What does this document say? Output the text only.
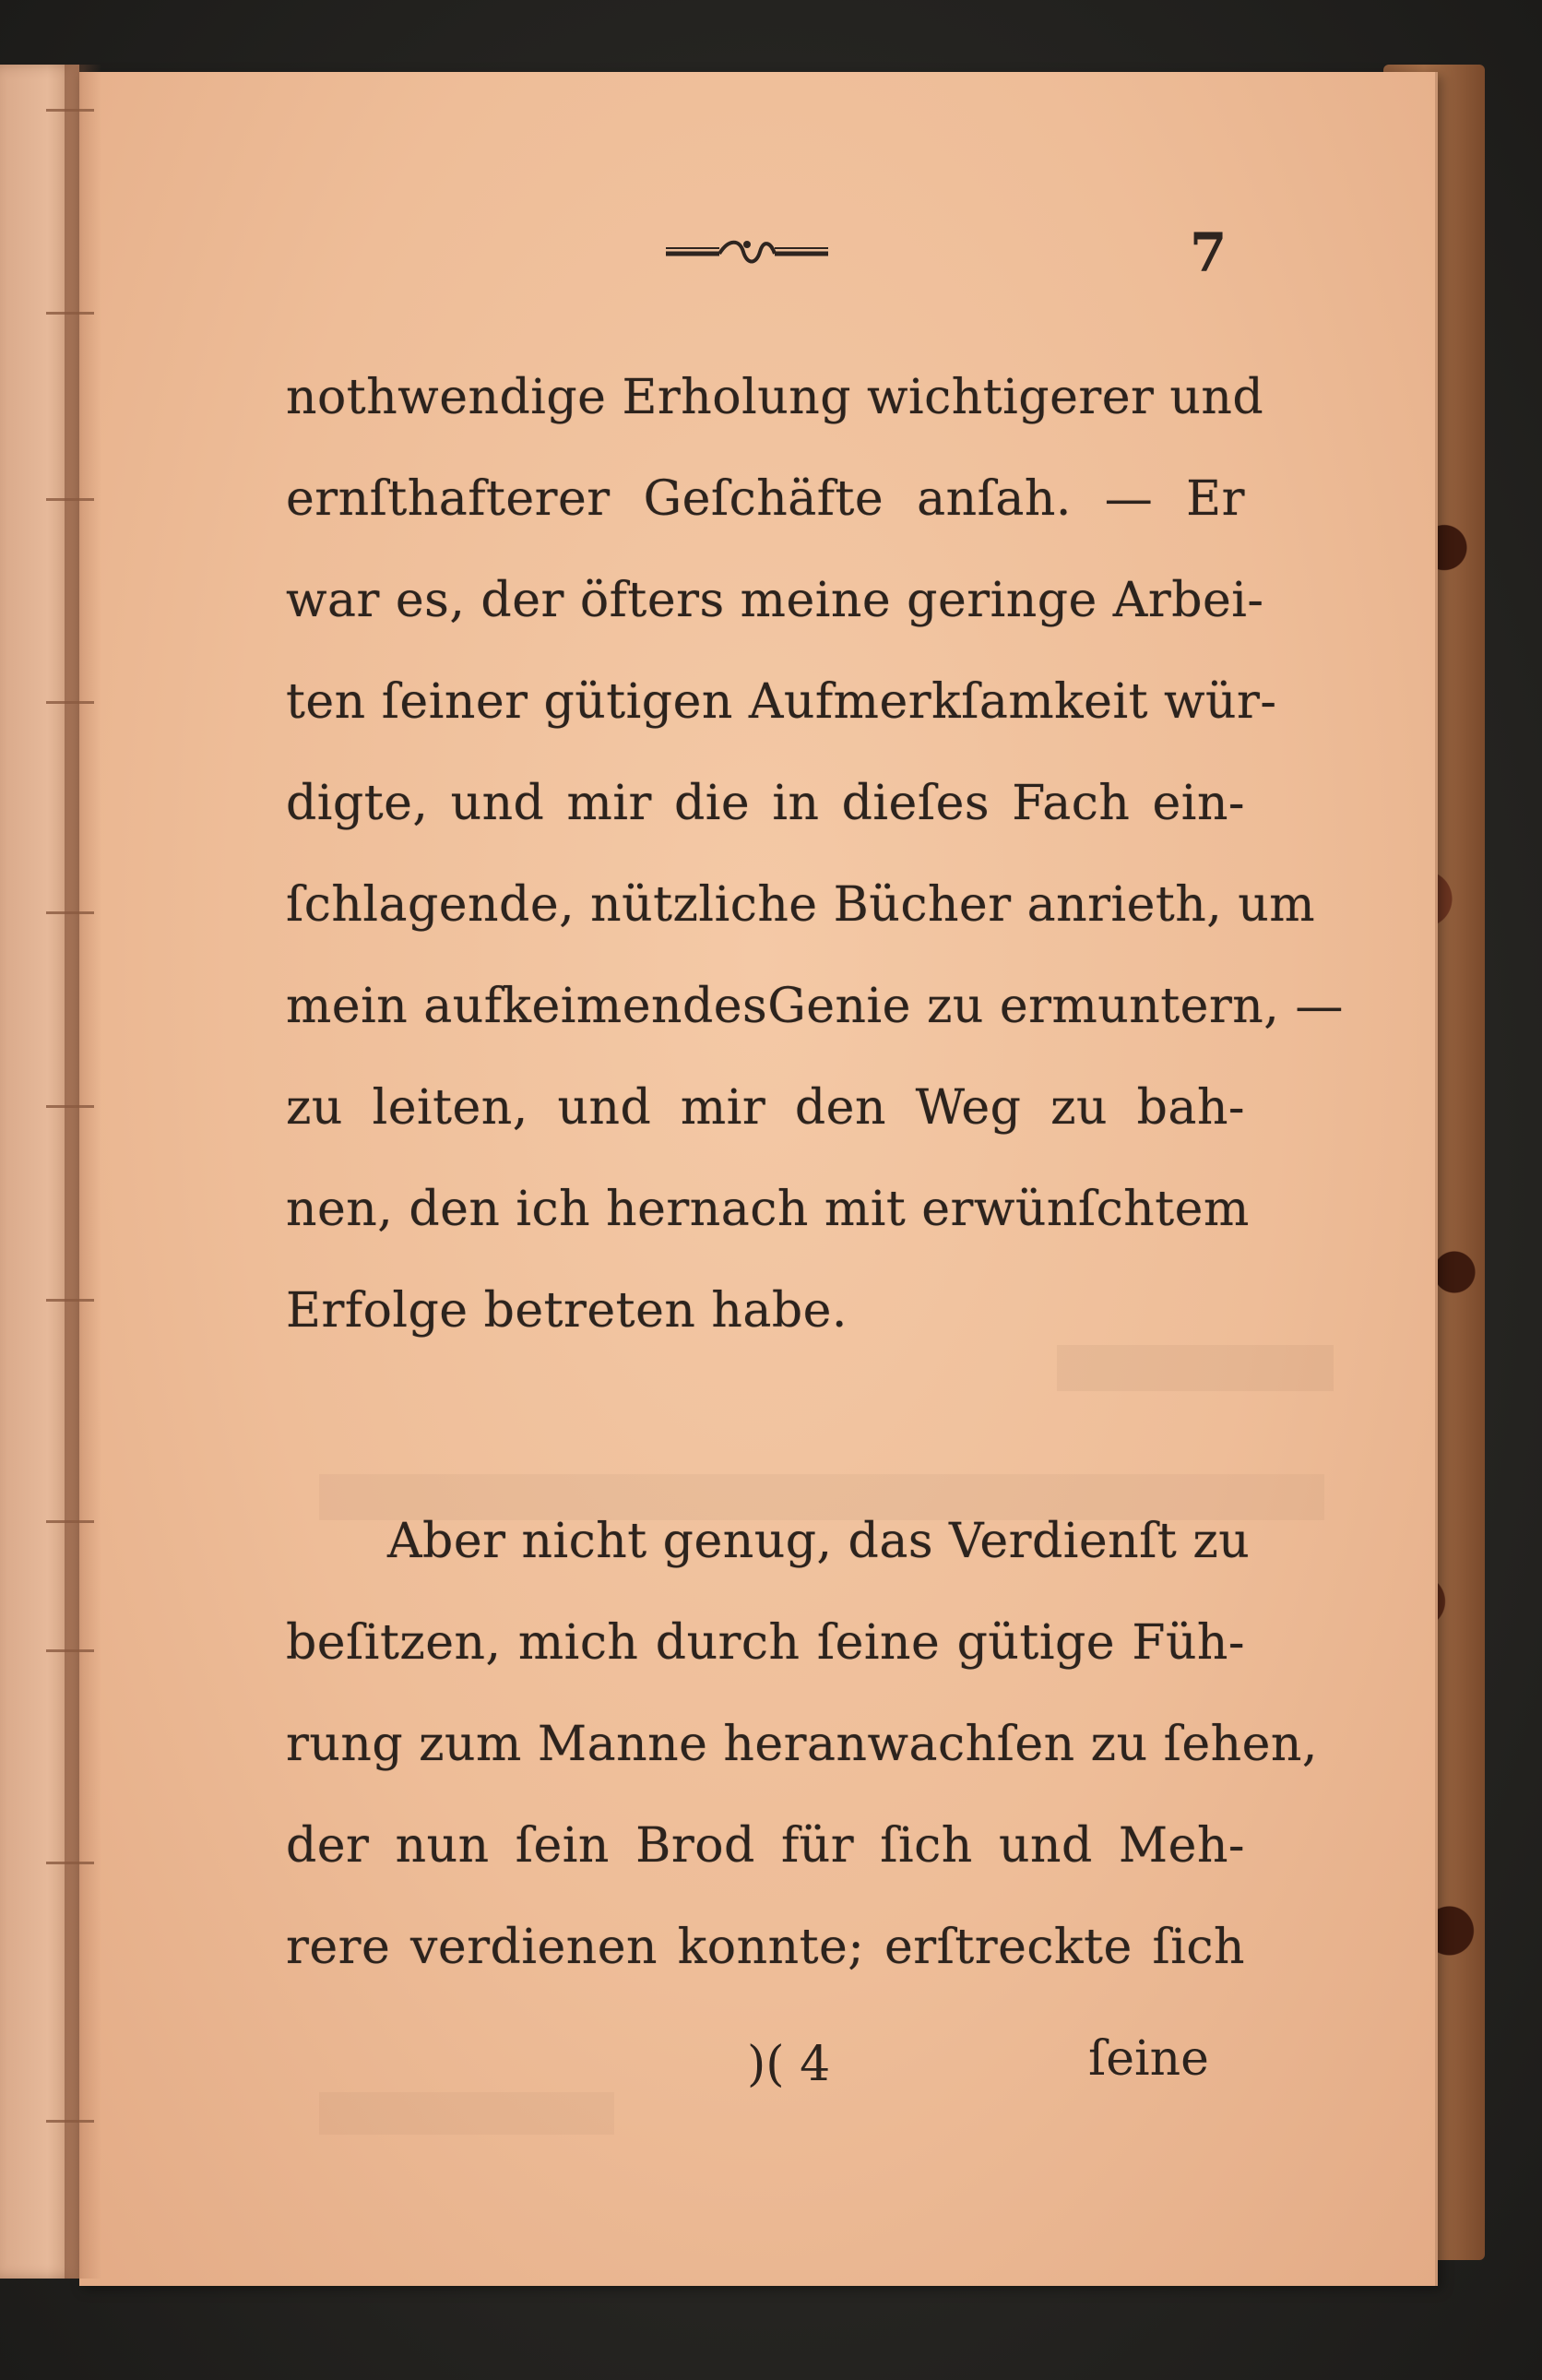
7

nothwendige Erholung wichtigerer und

ernſthafterer Geſchäfte anſah. — Er

war es, der öfters meine geringe Arbei-

ten ſeiner gütigen Aufmerkſamkeit wür-

digte, und mir die in dieſes Fach ein-

ſchlagende, nützliche Bücher anrieth, um

mein aufkeimendesGenie zu ermuntern, —

zu leiten, und mir den Weg zu bah-

nen, den ich hernach mit erwünſchtem

Erfolge betreten habe.

Aber nicht genug, das Verdienſt zu

beſitzen, mich durch ſeine gütige Füh-

rung zum Manne heranwachſen zu ſehen,

der nun ſein Brod für ſich und Meh-

rere verdienen konnte; erſtreckte ſich

)( 4	ſeine
